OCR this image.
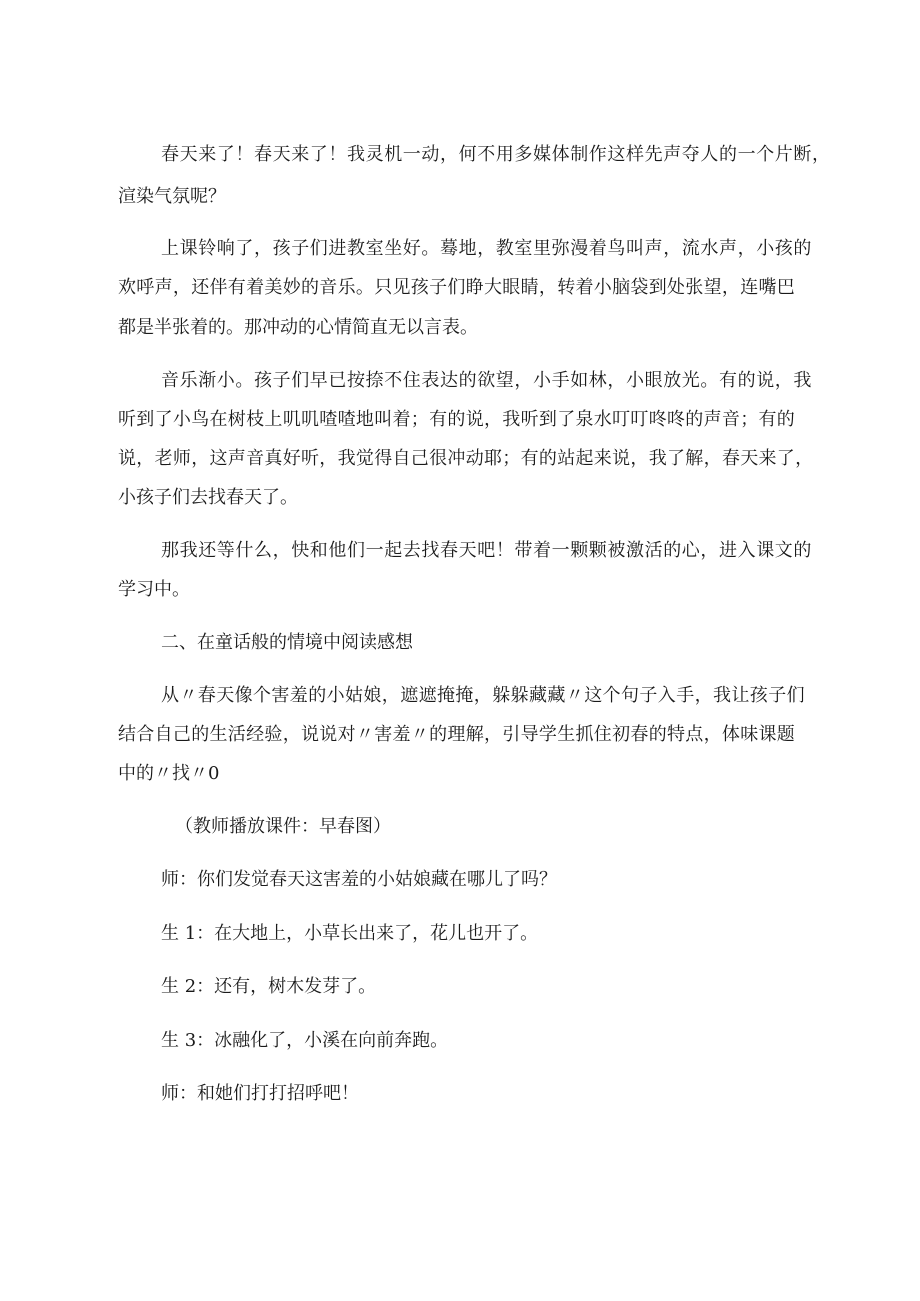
春天来了！春天来了！我灵机一动，何不用多媒体制作这样先声夺人的一个片断，
渲染气氛呢？
上课铃响了，孩子们进教室坐好。蓦地，教室里弥漫着鸟叫声，流水声，小孩的
欢呼声，还伴有着美妙的音乐。只见孩子们睁大眼睛，转着小脑袋到处张望，连嘴巴
都是半张着的。那冲动的心情简直无以言表。
音乐渐小。孩子们早已按捺不住表达的欲望，小手如林，小眼放光。有的说，我
听到了小鸟在树枝上叽叽喳喳地叫着；有的说，我听到了泉水叮叮咚咚的声音；有的
说，老师，这声音真好听，我觉得自己很冲动耶；有的站起来说，我了解，春天来了，
小孩子们去找春天了。
那我还等什么，快和他们一起去找春天吧！带着一颗颗被激活的心，进入课文的
学习中。
二、在童话般的情境中阅读感想
从〃春天像个害羞的小姑娘，遮遮掩掩，躲躲藏藏〃这个句子入手，我让孩子们
结合自己的生活经验，说说对〃害羞〃的理解，引导学生抓住初春的特点，体味课题
中的〃找〃0
（教师播放课件：早春图）
师：你们发觉春天这害羞的小姑娘藏在哪儿了吗？
生 1：在大地上，小草长出来了，花儿也开了。
生 2：还有，树木发芽了。
生 3：冰融化了，小溪在向前奔跑。
师：和她们打打招呼吧！
